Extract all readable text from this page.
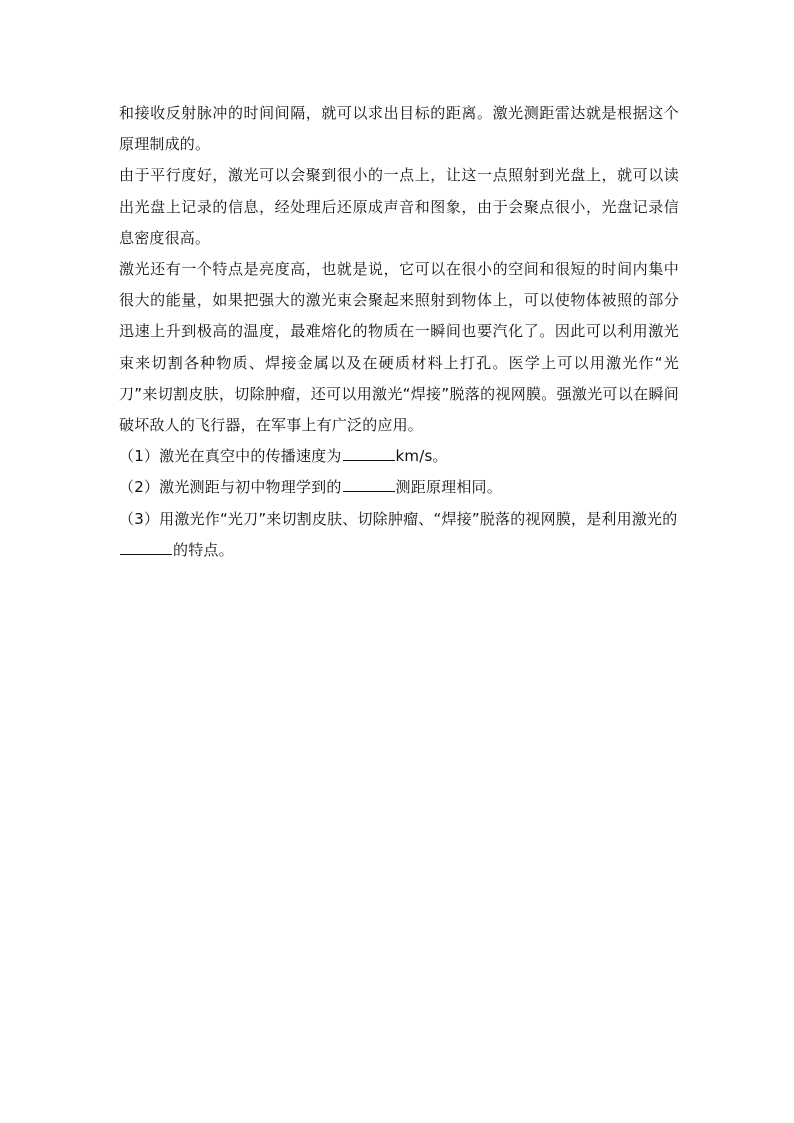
和接收反射脉冲的时间间隔，就可以求出目标的距离。激光测距雷达就是根据这个原理制成的。

由于平行度好，激光可以会聚到很小的一点上，让这一点照射到光盘上，就可以读出光盘上记录的信息，经处理后还原成声音和图象，由于会聚点很小，光盘记录信息密度很高。

激光还有一个特点是亮度高，也就是说，它可以在很小的空间和很短的时间内集中很大的能量，如果把强大的激光束会聚起来照射到物体上，可以使物体被照的部分迅速上升到极高的温度，最难熔化的物质在一瞬间也要汽化了。因此可以利用激光束来切割各种物质、焊接金属以及在硬质材料上打孔。医学上可以用激光作“光刀”来切割皮肤，切除肿瘤，还可以用激光“焊接”脱落的视网膜。强激光可以在瞬间破坏敌人的飞行器，在军事上有广泛的应用。

（1）激光在真空中的传播速度为	km/s。

（2）激光测距与初中物理学到的	测距原理相同。

（3）用激光作“光刀”来切割皮肤、切除肿瘤、“焊接”脱落的视网膜，是利用激光的的特点。
